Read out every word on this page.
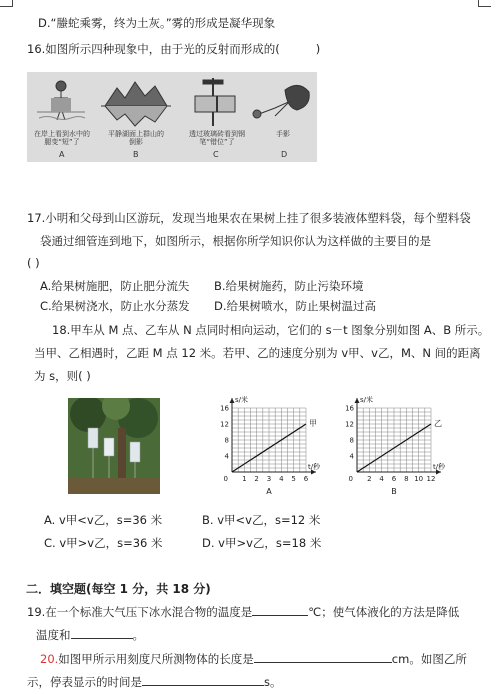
D.“螣蛇乘雾，终为土灰。”雾的形成是凝华现象
16.如图所示四种现象中，由于光的反射而形成的(	)
在岸上看到水中的腿变“短”了
平静湖面上群山的倒影
透过玻璃砖看到钢笔“错位”了
手影
A	B	C	D
17.小明和父母到山区游玩，发现当地果农在果树上挂了很多装液体塑料袋，每个塑料袋
袋通过细管连到地下，如图所示，根据你所学知识你认为这样做的主要目的是
( )
A.给果树施肥，防止肥分流失 B.给果树施药，防止污染环境
C.给果树浇水，防止水分蒸发 D.给果树喷水，防止果树温过高
18.甲车从 M 点、乙车从 N 点同时相向运动，它们的 s－t 图象分别如图 A、B 所示。
当甲、乙相遇时，乙距 M 点 12 米。若甲、乙的速度分别为 v甲、v乙，M、N 间的距离
为 s，则( )
1 2 3 4 5 6
0
4
8
12
16
s/米
t/秒
甲
A
2 4 6 8 10 12
0
4
8
12
16
s/米
t/秒
乙
B
A. v甲<v乙，s=36 米	B. v甲<v乙，s=12 米
C. v甲>v乙，s=36 米	D. v甲>v乙，s=18 米
二．填空题(每空 1 分，共 18 分)
19.在一个标准大气压下冰水混合物的温度是	℃；使气体液化的方法是降低
温度和	。
20.如图甲所示用刻度尺所测物体的长度是	cm。如图乙所
示，停表显示的时间是	s。
